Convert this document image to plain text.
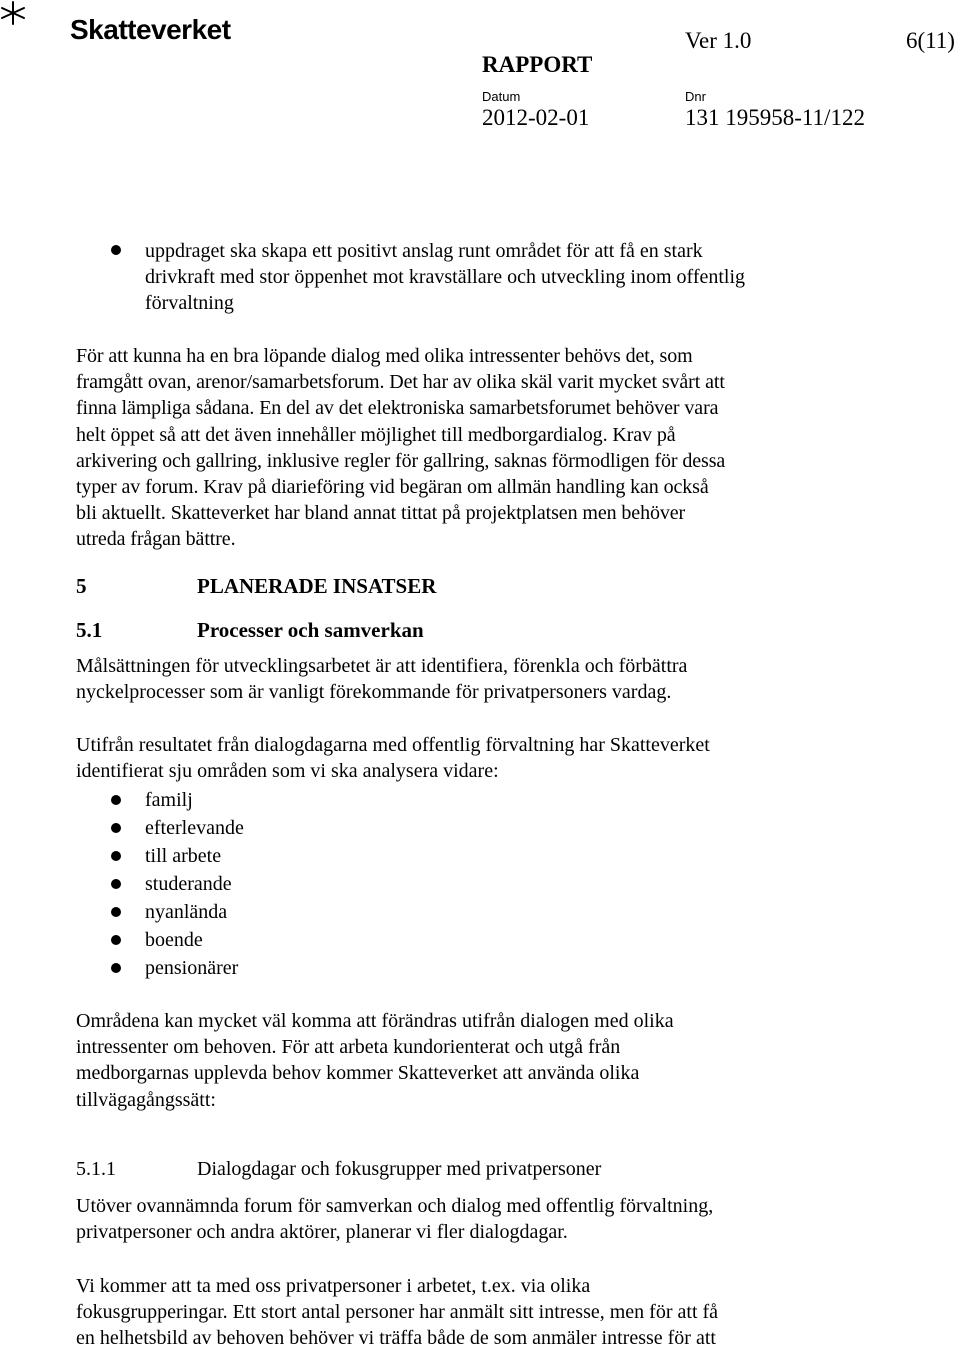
Skatteverket	Ver 1.0	6(11)
RAPPORT
Datum	Dnr
2012-02-01	131 195958-11/122
uppdraget ska skapa ett positivt anslag runt området för att få en stark
drivkraft med stor öppenhet mot kravställare och utveckling inom offentlig
förvaltning
För att kunna ha en bra löpande dialog med olika intressenter behövs det, som
framgått ovan, arenor/samarbetsforum. Det har av olika skäl varit mycket svårt att
finna lämpliga sådana. En del av det elektroniska samarbetsforumet behöver vara
helt öppet så att det även innehåller möjlighet till medborgardialog. Krav på
arkivering och gallring, inklusive regler för gallring, saknas förmodligen för dessa
typer av forum. Krav på diarieföring vid begäran om allmän handling kan också
bli aktuellt. Skatteverket har bland annat tittat på projektplatsen men behöver
utreda frågan bättre.
5	PLANERADE INSATSER
5.1	Processer och samverkan
Målsättningen för utvecklingsarbetet är att identifiera, förenkla och förbättra
nyckelprocesser som är vanligt förekommande för privatpersoners vardag.
Utifrån resultatet från dialogdagarna med offentlig förvaltning har Skatteverket
identifierat sju områden som vi ska analysera vidare:
familj
efterlevande
till arbete
studerande
nyanlända
boende
pensionärer
Områdena kan mycket väl komma att förändras utifrån dialogen med olika
intressenter om behoven. För att arbeta kundorienterat och utgå från
medborgarnas upplevda behov kommer Skatteverket att använda olika
tillvägagångssätt:
5.1.1	Dialogdagar och fokusgrupper med privatpersoner
Utöver ovannämnda forum för samverkan och dialog med offentlig förvaltning,
privatpersoner och andra aktörer, planerar vi fler dialogdagar.
Vi kommer att ta med oss privatpersoner i arbetet, t.ex. via olika
fokusgrupperingar. Ett stort antal personer har anmält sitt intresse, men för att få
en helhetsbild av behoven behöver vi träffa både de som anmäler intresse för att
